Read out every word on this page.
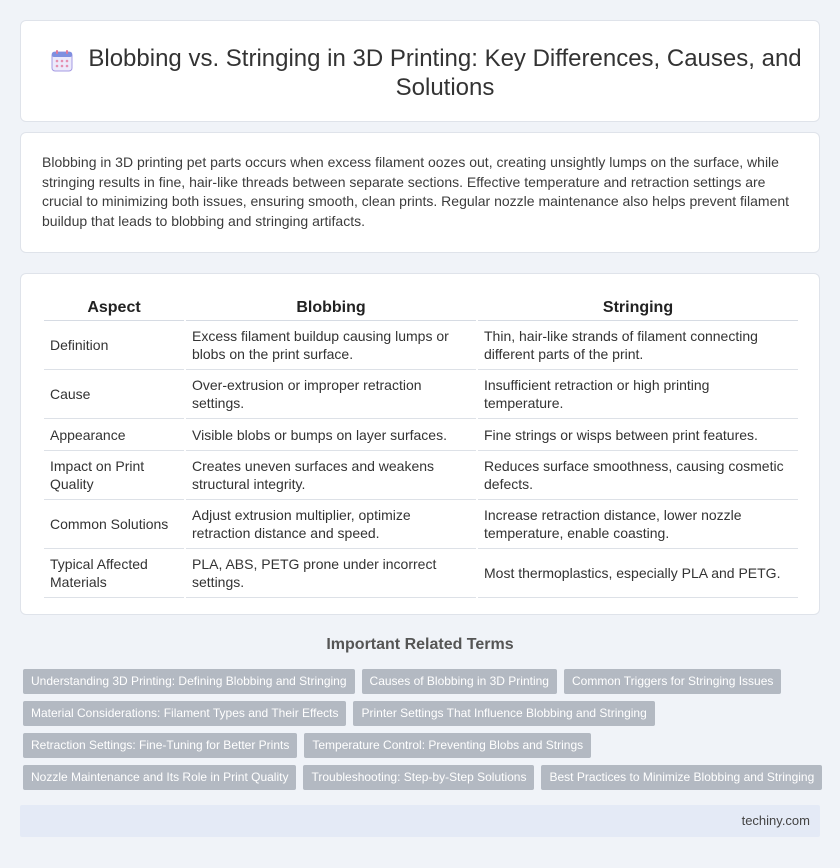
Blobbing vs. Stringing in 3D Printing: Key Differences, Causes, and Solutions

Blobbing in 3D printing pet parts occurs when excess filament oozes out, creating unsightly lumps on the surface, while stringing results in fine, hair-like threads between separate sections. Effective temperature and retraction settings are crucial to minimizing both issues, ensuring smooth, clean prints. Regular nozzle maintenance also helps prevent filament buildup that leads to blobbing and stringing artifacts.

Aspect	Blobbing	Stringing
Definition	Excess filament buildup causing lumps or blobs on the print surface.	Thin, hair-like strands of filament connecting different parts of the print.
Cause	Over-extrusion or improper retraction settings.	Insufficient retraction or high printing temperature.
Appearance	Visible blobs or bumps on layer surfaces.	Fine strings or wisps between print features.
Impact on Print Quality	Creates uneven surfaces and weakens structural integrity.	Reduces surface smoothness, causing cosmetic defects.
Common Solutions	Adjust extrusion multiplier, optimize retraction distance and speed.	Increase retraction distance, lower nozzle temperature, enable coasting.
Typical Affected Materials	PLA, ABS, PETG prone under incorrect settings.	Most thermoplastics, especially PLA and PETG.
Important Related Terms
Understanding 3D Printing: Defining Blobbing and Stringing	Causes of Blobbing in 3D Printing	Common Triggers for Stringing Issues
Material Considerations: Filament Types and Their Effects	Printer Settings That Influence Blobbing and Stringing
Retraction Settings: Fine-Tuning for Better Prints	Temperature Control: Preventing Blobs and Strings
Nozzle Maintenance and Its Role in Print Quality	Troubleshooting: Step-by-Step Solutions	Best Practices to Minimize Blobbing and Stringing
techiny.com
